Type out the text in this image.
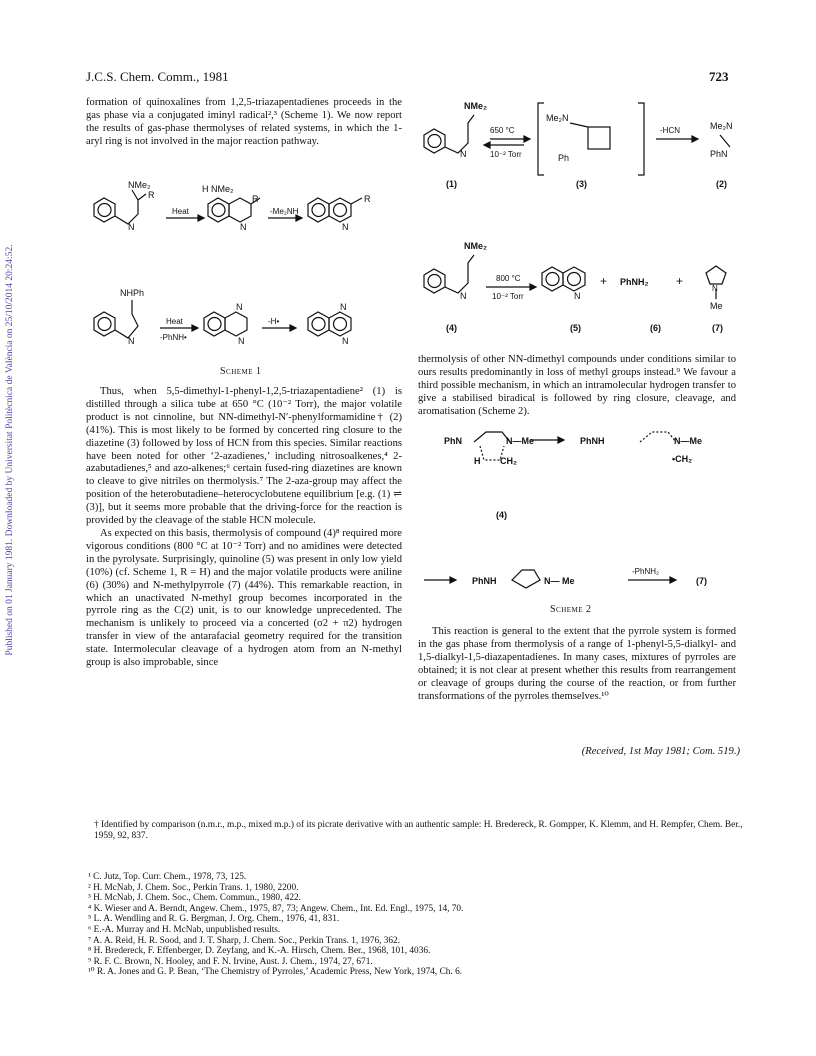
J.C.S. Chem. Comm., 1981	723
Published on 01 January 1981. Downloaded by Universitat Politècnica de València on 25/10/2014 20:24:52.

formation of quinoxalines from 1,2,5-triazapentadienes proceeds in the gas phase via a conjugated iminyl radical²,³ (Scheme 1). We now report the results of gas-phase thermolyses of related systems, in which the 1-aryl ring is not involved in the major reaction pathway.

NMe₂
R
N
Heat
H NMe₂
R
N
-Me₂NH
R
N
NHPh
N
Heat
-PhNH•
N
N
-H•
N
N
Scheme 1

Thus, when 5,5-dimethyl-1-phenyl-1,2,5-triazapentadiene² (1) is distilled through a silica tube at 650 °C (10⁻² Torr), the major volatile product is not cinnoline, but NN-dimethyl-N′-phenylformamidine† (2) (41%). This is most likely to be formed by concerted ring closure to the diazetine (3) followed by loss of HCN from this species. Similar reactions have been noted for other ‘2-azadienes,’ including nitrosoalkenes,⁴ 2-azabutadienes,⁵ and azo-alkenes;⁶ certain fused-ring diazetines are known to cleave to give nitriles on thermolysis.⁷ The 2-aza-group may affect the position of the heterobutadiene–heterocyclobutene equilibrium [e.g. (1) ⇌ (3)], but it seems more probable that the driving-force for the reaction is provided by the cleavage of the stable HCN molecule.

As expected on this basis, thermolysis of compound (4)⁸ required more vigorous conditions (800 °C at 10⁻² Torr) and no amidines were detected in the pyrolysate. Surprisingly, quinoline (5) was present in only low yield (10%) (cf. Scheme 1, R = H) and the major volatile products were aniline (6) (30%) and N-methylpyrrole (7) (44%). This remarkable reaction, in which an unactivated N-methyl group becomes incorporated in the pyrrole ring as the C(2) unit, is to our knowledge unprecedented. The mechanism is unlikely to proceed via a concerted (σ2 + π2) hydrogen transfer in view of the antarafacial geometry required for the transition state. Intermolecular cleavage of a hydrogen atom from an N-methyl group is also improbable, since

NMe₂
N
650 °C
10⁻² Torr
Me₂N
Ph
-HCN	Me₂N
PhN
(1)	(3)	(2)
NMe₂
N
800 °C
10⁻² Torr	N
+ PhNH₂ +
N
Me
(4)	(5)	(6)	(7)

thermolysis of other NN-dimethyl compounds under conditions similar to ours results predominantly in loss of methyl groups instead.⁹ We favour a third possible mechanism, in which an intramolecular hydrogen transfer to give a stabilised biradical is followed by ring closure, cleavage, and aromatisation (Scheme 2).

PhN	N—Me
H CH₂
PhNH	N—Me
•CH₂
(4)
PhNH	N— Me
-PhNH₂
(7)
Scheme 2

This reaction is general to the extent that the pyrrole system is formed in the gas phase from thermolysis of a range of 1-phenyl-5,5-dialkyl- and 1,5-dialkyl-1,5-diazapentadienes. In many cases, mixtures of pyrroles are obtained; it is not clear at present whether this results from rearrangement or cleavage of groups during the course of the reaction, or from further transformations of the pyrroles themselves.¹⁰

(Received, 1st May 1981; Com. 519.)
† Identified by comparison (n.m.r., m.p., mixed m.p.) of its picrate derivative with an authentic sample: H. Bredereck, R. Gompper, K. Klemm, and H. Rempfer, Chem. Ber., 1959, 92, 837.
¹ C. Jutz, Top. Curr. Chem., 1978, 73, 125.
² H. McNab, J. Chem. Soc., Perkin Trans. 1, 1980, 2200.
³ H. McNab, J. Chem. Soc., Chem. Commun., 1980, 422.
⁴ K. Wieser and A. Berndt, Angew. Chem., 1975, 87, 73; Angew. Chem., Int. Ed. Engl., 1975, 14, 70.
⁵ L. A. Wendling and R. G. Bergman, J. Org. Chem., 1976, 41, 831.
⁶ E.-A. Murray and H. McNab, unpublished results.
⁷ A. A. Reid, H. R. Sood, and J. T. Sharp, J. Chem. Soc., Perkin Trans. 1, 1976, 362.
⁸ H. Bredereck, F. Effenberger, D. Zeyfang, and K.-A. Hirsch, Chem. Ber., 1968, 101, 4036.
⁹ R. F. C. Brown, N. Hooley, and F. N. Irvine, Aust. J. Chem., 1974, 27, 671.
¹⁰ R. A. Jones and G. P. Bean, ‘The Chemistry of Pyrroles,’ Academic Press, New York, 1974, Ch. 6.
